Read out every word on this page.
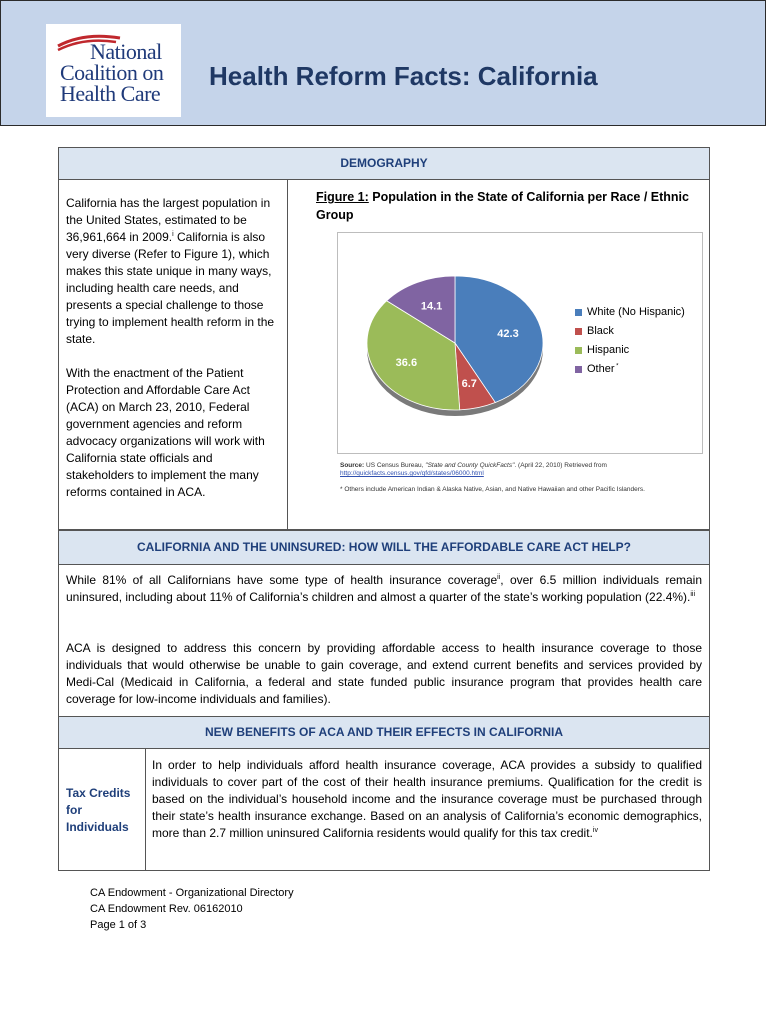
National
Coalition on
Health Care
Health Reform Facts: California
DEMOGRAPHY

California has the largest population in the United States, estimated to be 36,961,664 in 2009.$^i$ California is also very diverse (Refer to Figure 1), which makes this state unique in many ways, including health care needs, and presents a special challenge to those trying to implement health reform in the state.

With the enactment of the Patient Protection and Affordable Care Act (ACA) on March 23, 2010, Federal government agencies and reform advocacy organizations will work with California state officials and stakeholders to implement the many reforms contained in ACA.

Figure 1: Population in the State of California per Race / Ethnic Group
42.3
6.7
36.6
14.1	White (No Hispanic)
Black
Hispanic
Other *
Source: US Census Bureau, "State and County QuickFacts". (April 22, 2010) Retrieved from
http://quickfacts.census.gov/qfd/states/06000.html
* Others include American Indian & Alaska Native, Asian, and Native Hawaiian and other Pacific Islanders.
CALIFORNIA AND THE UNINSURED: HOW WILL THE AFFORDABLE CARE ACT HELP?

While 81% of all Californians have some type of health insurance coverage$^{ii}$, over 6.5 million individuals remain uninsured, including about 11% of California’s children and almost a quarter of the state’s working population (22.4%).$^{iii}$

ACA is designed to address this concern by providing affordable access to health insurance coverage to those individuals that would otherwise be unable to gain coverage, and extend current benefits and services provided by Medi-Cal (Medicaid in California, a federal and state funded public insurance program that provides health care coverage for low-income individuals and families).

NEW BENEFITS OF ACA AND THEIR EFFECTS IN CALIFORNIA
Tax Credits for Individuals

In order to help individuals afford health insurance coverage, ACA provides a subsidy to qualified individuals to cover part of the cost of their health insurance premiums. Qualification for the credit is based on the individual’s household income and the insurance coverage must be purchased through their state’s health insurance exchange. Based on an analysis of California’s economic demographics, more than 2.7 million uninsured California residents would qualify for this tax credit.$^{iv}$

CA Endowment - Organizational Directory
CA Endowment Rev. 06162010
Page 1 of 3
